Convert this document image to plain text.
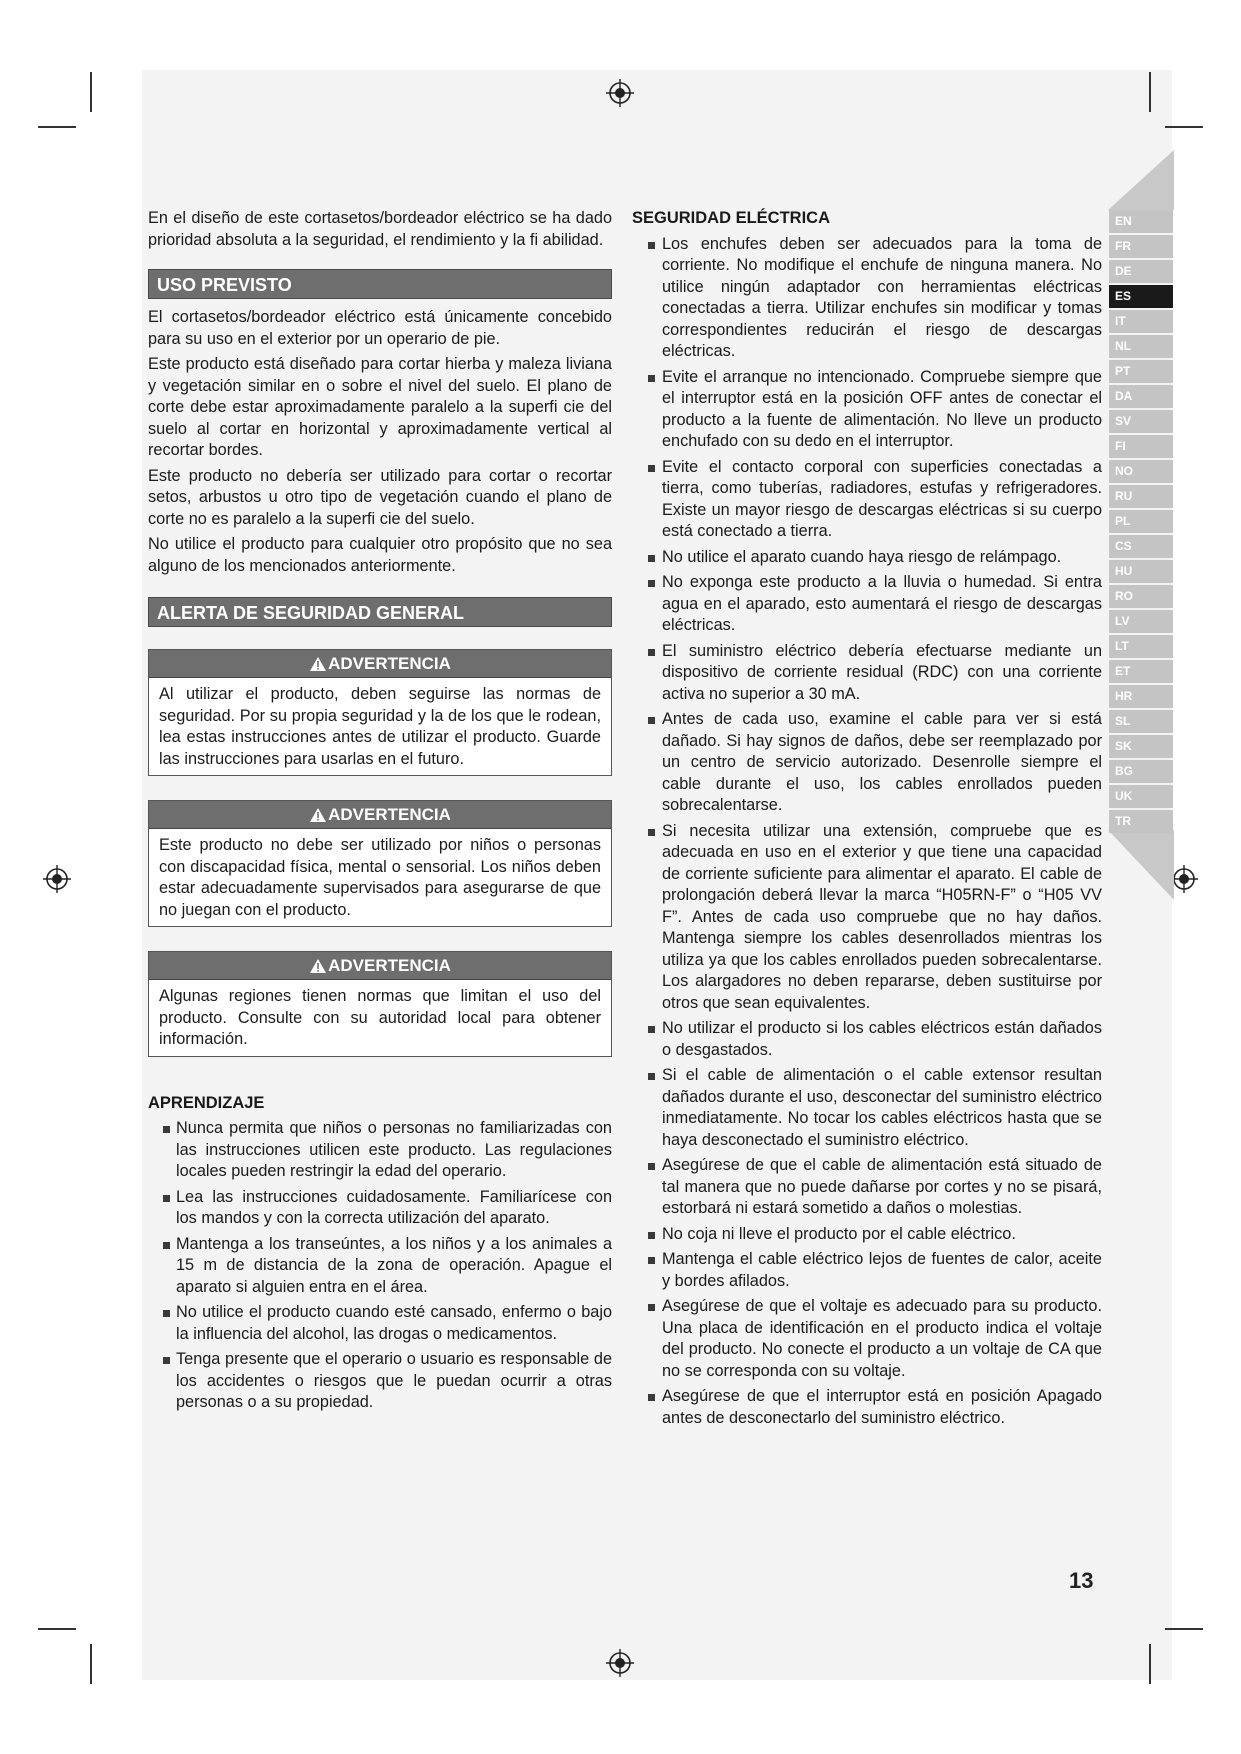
EN
FR
DE
ES
IT
NL
PT
DA
SV
FI
NO
RU
PL
CS
HU
RO
LV
LT
ET
HR
SL
SK
BG
UK
TR

En el diseño de este cortasetos/bordeador eléctrico se ha dado prioridad absoluta a la seguridad, el rendimiento y la fi abilidad.

USO PREVISTO

El cortasetos/bordeador eléctrico está únicamente concebido para su uso en el exterior por un operario de pie.

Este producto está diseñado para cortar hierba y maleza liviana y vegetación similar en o sobre el nivel del suelo. El plano de corte debe estar aproximadamente paralelo a la superfi cie del suelo al cortar en horizontal y aproximadamente vertical al recortar bordes.

Este producto no debería ser utilizado para cortar o recortar setos, arbustos u otro tipo de vegetación cuando el plano de corte no es paralelo a la superfi cie del suelo.

No utilice el producto para cualquier otro propósito que no sea alguno de los mencionados anteriormente.

ALERTA DE SEGURIDAD GENERAL
ADVERTENCIA
Al utilizar el producto, deben seguirse las normas de seguridad. Por su propia seguridad y la de los que le rodean, lea estas instrucciones antes de utilizar el producto. Guarde las instrucciones para usarlas en el futuro.
ADVERTENCIA
Este producto no debe ser utilizado por niños o personas con discapacidad física, mental o sensorial. Los niños deben estar adecuadamente supervisados para asegurarse de que no juegan con el producto.
ADVERTENCIA
Algunas regiones tienen normas que limitan el uso del producto. Consulte con su autoridad local para obtener información.
APRENDIZAJE
Nunca permita que niños o personas no familiarizadas con las instrucciones utilicen este producto. Las regulaciones locales pueden restringir la edad del operario.
Lea las instrucciones cuidadosamente. Familiarícese con los mandos y con la correcta utilización del aparato.
Mantenga a los transeúntes, a los niños y a los animales a 15 m de distancia de la zona de operación. Apague el aparato si alguien entra en el área.
No utilice el producto cuando esté cansado, enfermo o bajo la influencia del alcohol, las drogas o medicamentos.
Tenga presente que el operario o usuario es responsable de los accidentes o riesgos que le puedan ocurrir a otras personas o a su propiedad.
SEGURIDAD ELÉCTRICA
Los enchufes deben ser adecuados para la toma de corriente. No modifique el enchufe de ninguna manera. No utilice ningún adaptador con herramientas eléctricas conectadas a tierra. Utilizar enchufes sin modificar y tomas correspondientes reducirán el riesgo de descargas eléctricas.
Evite el arranque no intencionado. Compruebe siempre que el interruptor está en la posición OFF antes de conectar el producto a la fuente de alimentación. No lleve un producto enchufado con su dedo en el interruptor.
Evite el contacto corporal con superficies conectadas a tierra, como tuberías, radiadores, estufas y refrigeradores. Existe un mayor riesgo de descargas eléctricas si su cuerpo está conectado a tierra.
No utilice el aparato cuando haya riesgo de relámpago.
No exponga este producto a la lluvia o humedad. Si entra agua en el aparado, esto aumentará el riesgo de descargas eléctricas.
El suministro eléctrico debería efectuarse mediante un dispositivo de corriente residual (RDC) con una corriente activa no superior a 30 mA.
Antes de cada uso, examine el cable para ver si está dañado. Si hay signos de daños, debe ser reemplazado por un centro de servicio autorizado. Desenrolle siempre el cable durante el uso, los cables enrollados pueden sobrecalentarse.
Si necesita utilizar una extensión, compruebe que es adecuada en uso en el exterior y que tiene una capacidad de corriente suficiente para alimentar el aparato. El cable de prolongación deberá llevar la marca “H05RN-F” o “H05 VV F”. Antes de cada uso compruebe que no hay daños. Mantenga siempre los cables desenrollados mientras los utiliza ya que los cables enrollados pueden sobrecalentarse. Los alargadores no deben repararse, deben sustituirse por otros que sean equivalentes.
No utilizar el producto si los cables eléctricos están dañados o desgastados.
Si el cable de alimentación o el cable extensor resultan dañados durante el uso, desconectar del suministro eléctrico inmediatamente. No tocar los cables eléctricos hasta que se haya desconectado el suministro eléctrico.
Asegúrese de que el cable de alimentación está situado de tal manera que no puede dañarse por cortes y no se pisará, estorbará ni estará sometido a daños o molestias.
No coja ni lleve el producto por el cable eléctrico.
Mantenga el cable eléctrico lejos de fuentes de calor, aceite y bordes afilados.
Asegúrese de que el voltaje es adecuado para su producto. Una placa de identificación en el producto indica el voltaje del producto. No conecte el producto a un voltaje de CA que no se corresponda con su voltaje.
Asegúrese de que el interruptor está en posición Apagado antes de desconectarlo del suministro eléctrico.
13
